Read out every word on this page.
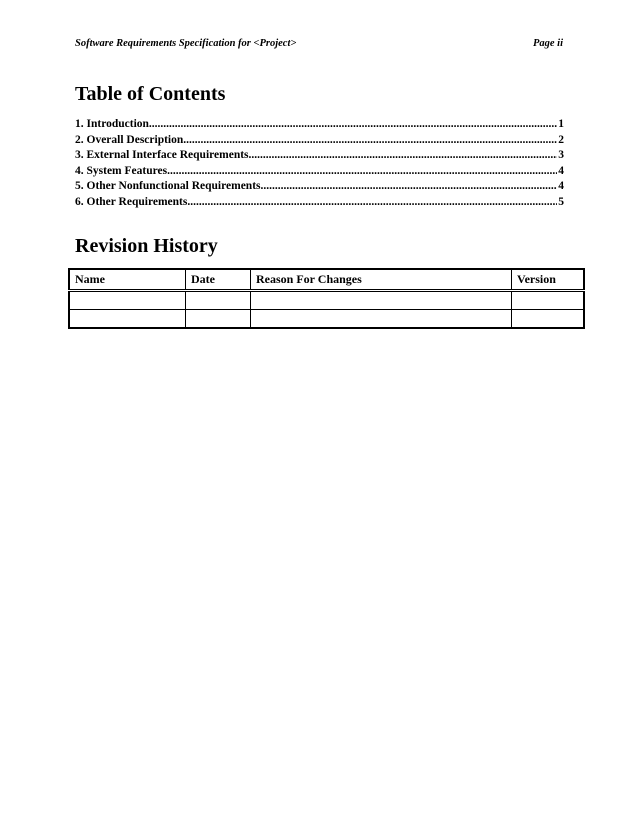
Software Requirements Specification for <Project>	Page ii
Table of Contents
1. Introduction .....	1
2. Overall Description .....	2
3. External Interface Requirements .....	3
4. System Features .....	4
5. Other Nonfunctional Requirements .....	4
6. Other Requirements .....	5
Revision History
Name	Date	Reason For Changes	Version
